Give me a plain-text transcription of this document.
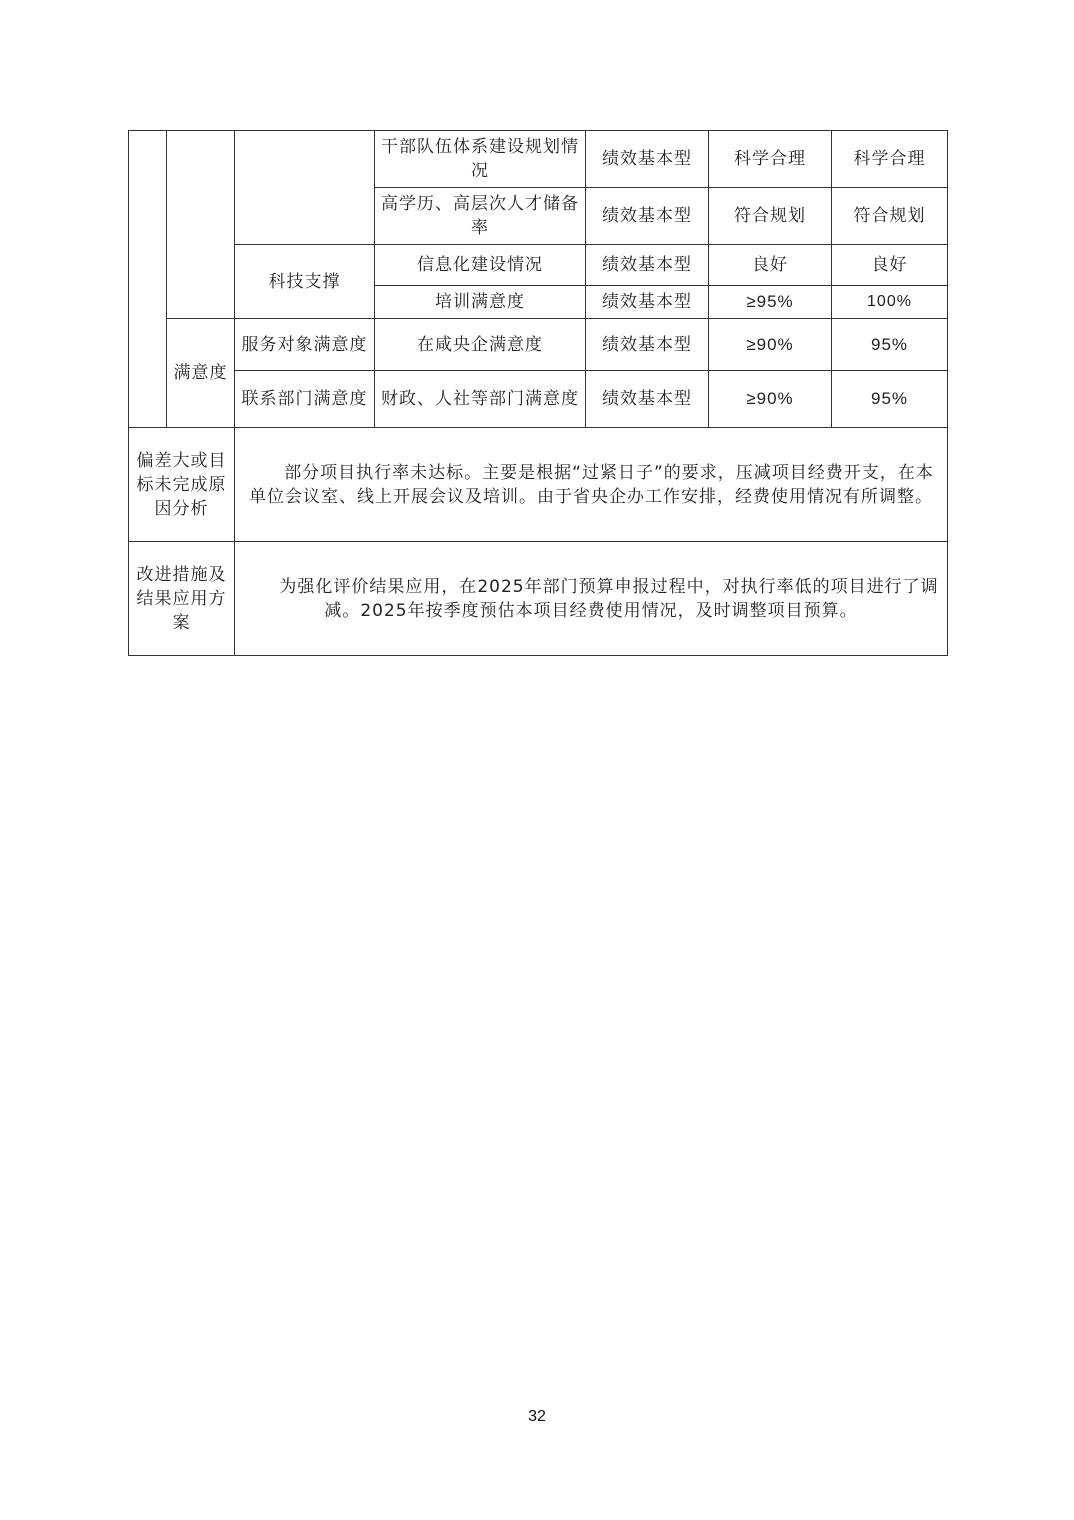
			干部队伍体系建设规划情况	绩效基本型	科学合理	科学合理
			高学历、高层次人才储备率	绩效基本型	符合规划	符合规划
		科技支撑	信息化建设情况	绩效基本型	良好	良好
			培训满意度	绩效基本型	≥95%	100%
	满意度	服务对象满意度	在咸央企满意度	绩效基本型	≥90%	95%
		联系部门满意度	财政、人社等部门满意度	绩效基本型	≥90%	95%
偏差大或目标未完成原因分析		部分项目执行率未达标。主要是根据“过紧日子”的要求，压减项目经费开支，在本单位会议室、线上开展会议及培训。由于省央企办工作安排，经费使用情况有所调整。				
改进措施及结果应用方案		为强化评价结果应用，在2025年部门预算申报过程中，对执行率低的项目进行了调减。2025年按季度预估本项目经费使用情况，及时调整项目预算。				
32
